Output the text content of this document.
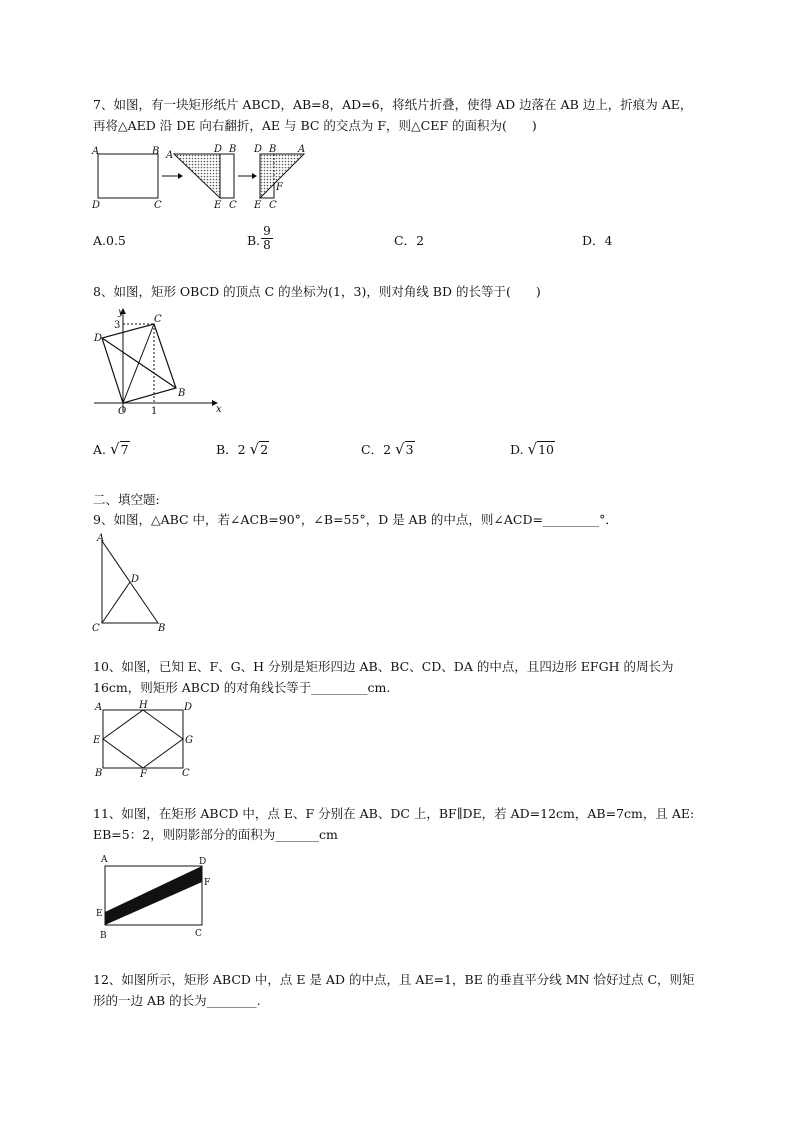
7、如图，有一块矩形纸片 ABCD，AB=8，AD=6，将纸片折叠，使得 AD 边落在 AB 边上，折痕为 AE，
再将△AED 沿 DE 向右翻折，AE 与 BC 的交点为 F，则△CEF 的面积为(　　)
A	B
D	C
A
D B
E C
D B A
F
E C
A.0.5	B. $\frac{9}{8}$	C．2	D．4
8、如图，矩形 OBCD 的顶点 C 的坐标为(1，3)，则对角线 BD 的长等于(　　)
y
x
3
1
O
B
C
D
A. √7	B．2 √2	C．2 √3	D. √10
二、填空题:
9、如图，△ABC 中，若∠ACB=90°，∠B=55°，D 是 AB 的中点，则∠ACD=_________°．
A
B
C
D
10、如图，已知 E、F、G、H 分别是矩形四边 AB、BC、CD、DA 的中点，且四边形 EFGH 的周长为
16cm，则矩形 ABCD 的对角线长等于_________cm.
A	D
B	C
H
E	G
F
11、如图，在矩形 ABCD 中，点 E、F 分别在 AB、DC 上，BF∥DE，若 AD=12cm，AB=7cm，且 AE:
EB=5：2，则阴影部分的面积为_______cm
A	D
F
E
B	C
12、如图所示，矩形 ABCD 中，点 E 是 AD 的中点，且 AE=1，BE 的垂直平分线 MN 恰好过点 C，则矩
形的一边 AB 的长为________.
